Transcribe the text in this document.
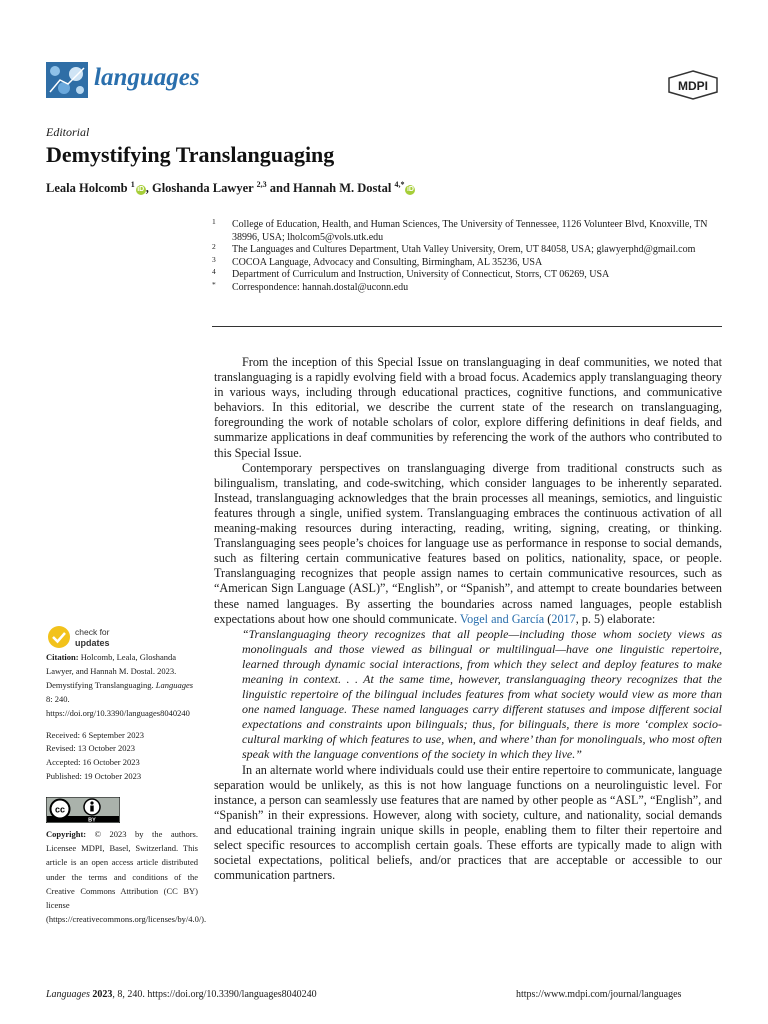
languages	MDPI
Editorial
Demystifying Translanguaging
Leala Holcomb $^1$iD , Gloshanda Lawyer $^{2,3}$ and Hannah M. Dostal $^{4,*}$iD
1 College of Education, Health, and Human Sciences, The University of Tennessee, 1126 Volunteer Blvd, Knoxville, TN 38996, USA; lholcom5@vols.utk.edu
2 The Languages and Cultures Department, Utah Valley University, Orem, UT 84058, USA; glawyerphd@gmail.com
3 COCOA Language, Advocacy and Consulting, Birmingham, AL 35236, USA
4 Department of Curriculum and Instruction, University of Connecticut, Storrs, CT 06269, USA
* Correspondence: hannah.dostal@uconn.edu

From the inception of this Special Issue on translanguaging in deaf communities, we noted that translanguaging is a rapidly evolving field with a broad focus. Academics apply translanguaging theory in various ways, including through educational practices, cognitive functions, and communicative behaviors. In this editorial, we describe the current state of the research on translanguaging, foregrounding the work of notable scholars of color, explore differing definitions in deaf fields, and summarize applications in deaf communities by referencing the work of the authors who contributed to this Special Issue.

Contemporary perspectives on translanguaging diverge from traditional constructs such as bilingualism, translating, and code-switching, which consider languages to be inherently separated. Instead, translanguaging acknowledges that the brain processes all meanings, semiotics, and linguistic features through a single, unified system. Translanguaging embraces the continuous activation of all meaning-making resources during interacting, reading, writing, signing, creating, or thinking. Translanguaging sees people’s choices for language use as performance in response to social demands, such as filtering certain communicative features based on politics, nationality, space, or people. Translanguaging recognizes that people assign names to certain communicative resources, such as “American Sign Language (ASL)”, “English”, or “Spanish”, and attempt to create boundaries between these named languages. By asserting the boundaries across named languages, people establish expectations about how one should communicate. Vogel and García (2017, p. 5) elaborate:

“Translanguaging theory recognizes that all people—including those whom society views as monolinguals and those viewed as bilingual or multilingual—have one linguistic repertoire, learned through dynamic social interactions, from which they select and deploy features to make meaning in context. . . At the same time, however, translanguaging theory recognizes that the linguistic repertoire of the bilingual includes features from what society would view as more than one named language. These named languages carry different statuses and impose different social expectations and constraints upon bilinguals; thus, for bilinguals, there is more ‘complex socio-cultural marking of which features to use, when, and where’ than for monolinguals, who most often speak with the language conventions of the society in which they live.”

In an alternate world where individuals could use their entire repertoire to communicate, language separation would be unlikely, as this is not how language functions on a neurolinguistic level. For instance, a person can seamlessly use features that are named by other people as “ASL”, “English”, and “Spanish” in their expressions. However, along with society, culture, and nationality, social demands and educational training ingrain unique skills in people, enabling them to filter their repertoire and select specific resources to accomplish certain goals. These efforts are typically made to align with societal expectations, political beliefs, and/or practices that are acceptable or accessible to our communication partners.

check for
updates
Citation: Holcomb, Leala, Gloshanda Lawyer, and Hannah M. Dostal. 2023. Demystifying Translanguaging. Languages 8: 240. https://doi.org/10.3390/languages8040240
Received: 6 September 2023
Revised: 13 October 2023
Accepted: 16 October 2023
Published: 19 October 2023
cc
BY
Copyright: © 2023 by the authors. Licensee MDPI, Basel, Switzerland. This article is an open access article distributed under the terms and conditions of the Creative Commons Attribution (CC BY) license (https://creativecommons.org/licenses/by/4.0/).
Languages 2023, 8, 240. https://doi.org/10.3390/languages8040240	https://www.mdpi.com/journal/languages
